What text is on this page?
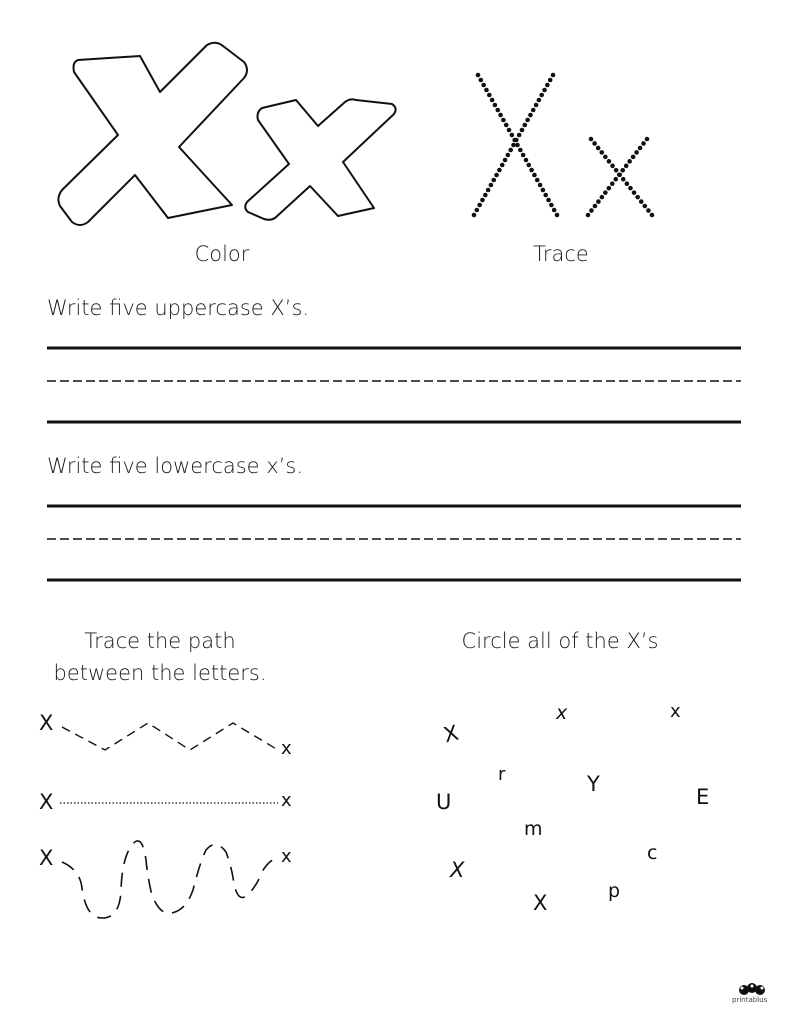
Color	Trace
Write five uppercase X’s.
Write five lowercase x’s.
Trace the path
between the letters.
Circle all of the X’s
X
x
X	x
X	x
x	x
X
r	Y
U	E
m
c
X
p
X
printablus
